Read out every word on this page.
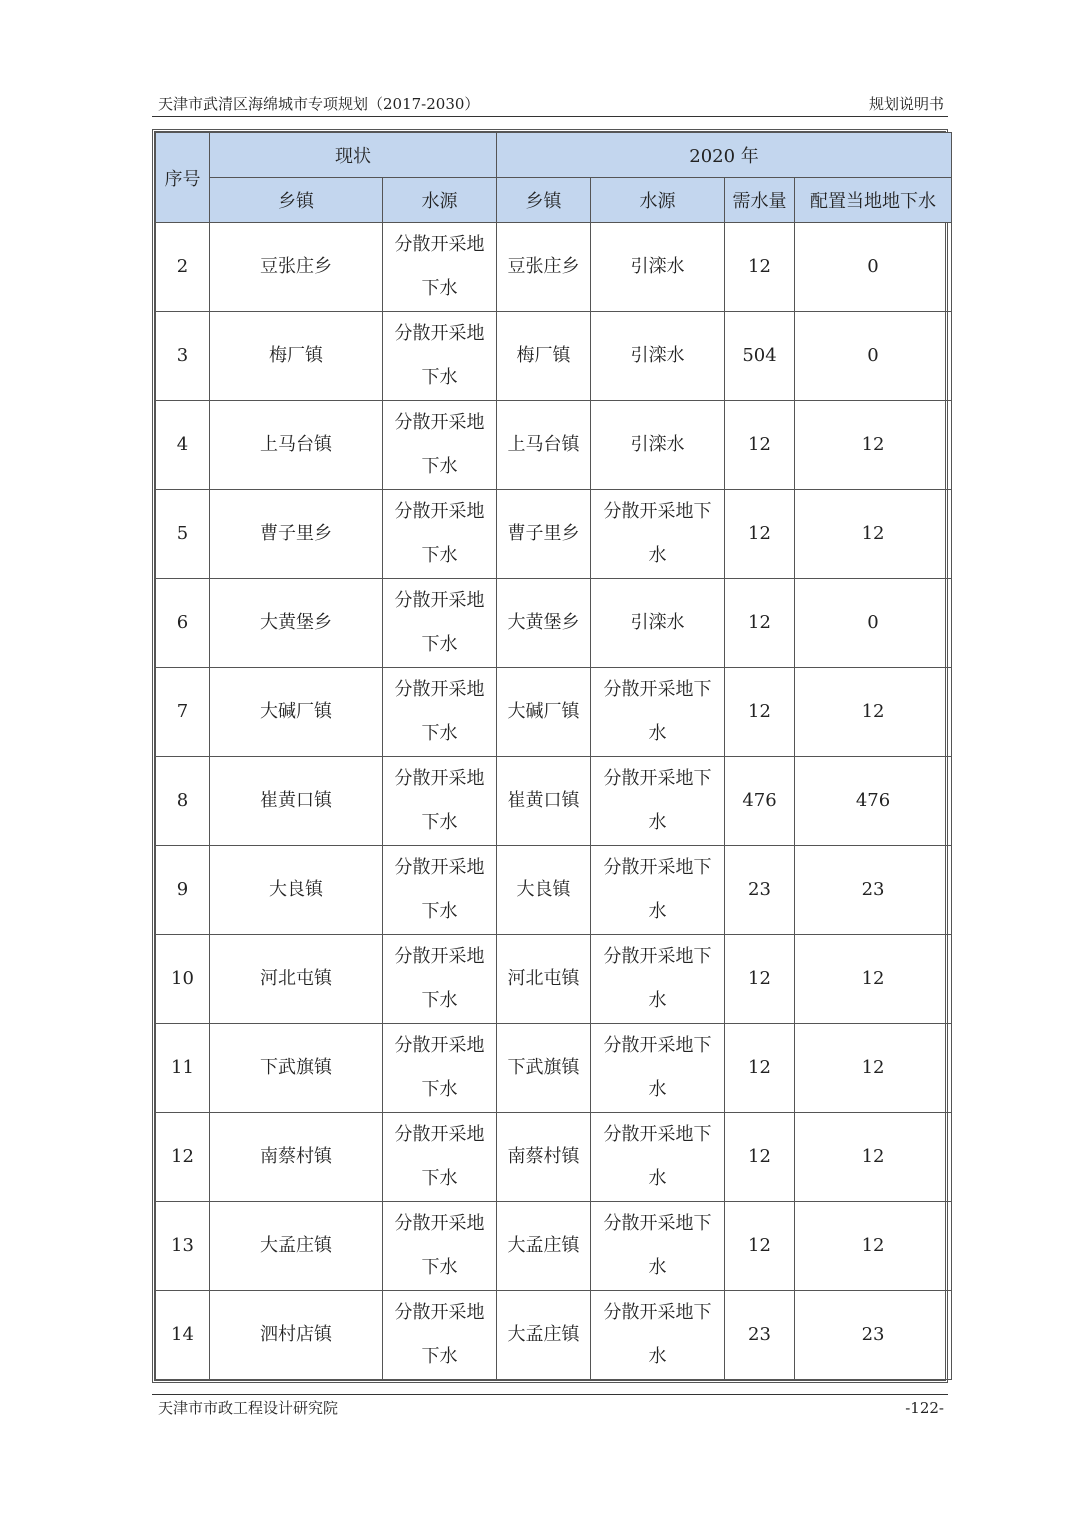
天津市武清区海绵城市专项规划（2017-2030）	规划说明书
序号	现状		2020 年			
	乡镇	水源	乡镇	水源	需水量	配置当地地下水
2	豆张庄乡	分散开采地下水	豆张庄乡	引滦水	12	0
3	梅厂镇	分散开采地下水	梅厂镇	引滦水	504	0
4	上马台镇	分散开采地下水	上马台镇	引滦水	12	12
5	曹子里乡	分散开采地下水	曹子里乡	分散开采地下水	12	12
6	大黄堡乡	分散开采地下水	大黄堡乡	引滦水	12	0
7	大碱厂镇	分散开采地下水	大碱厂镇	分散开采地下水	12	12
8	崔黄口镇	分散开采地下水	崔黄口镇	分散开采地下水	476	476
9	大良镇	分散开采地下水	大良镇	分散开采地下水	23	23
10	河北屯镇	分散开采地下水	河北屯镇	分散开采地下水	12	12
11	下武旗镇	分散开采地下水	下武旗镇	分散开采地下水	12	12
12	南蔡村镇	分散开采地下水	南蔡村镇	分散开采地下水	12	12
13	大孟庄镇	分散开采地下水	大孟庄镇	分散开采地下水	12	12
14	泗村店镇	分散开采地下水	大孟庄镇	分散开采地下水	23	23
天津市市政工程设计研究院	-122-
